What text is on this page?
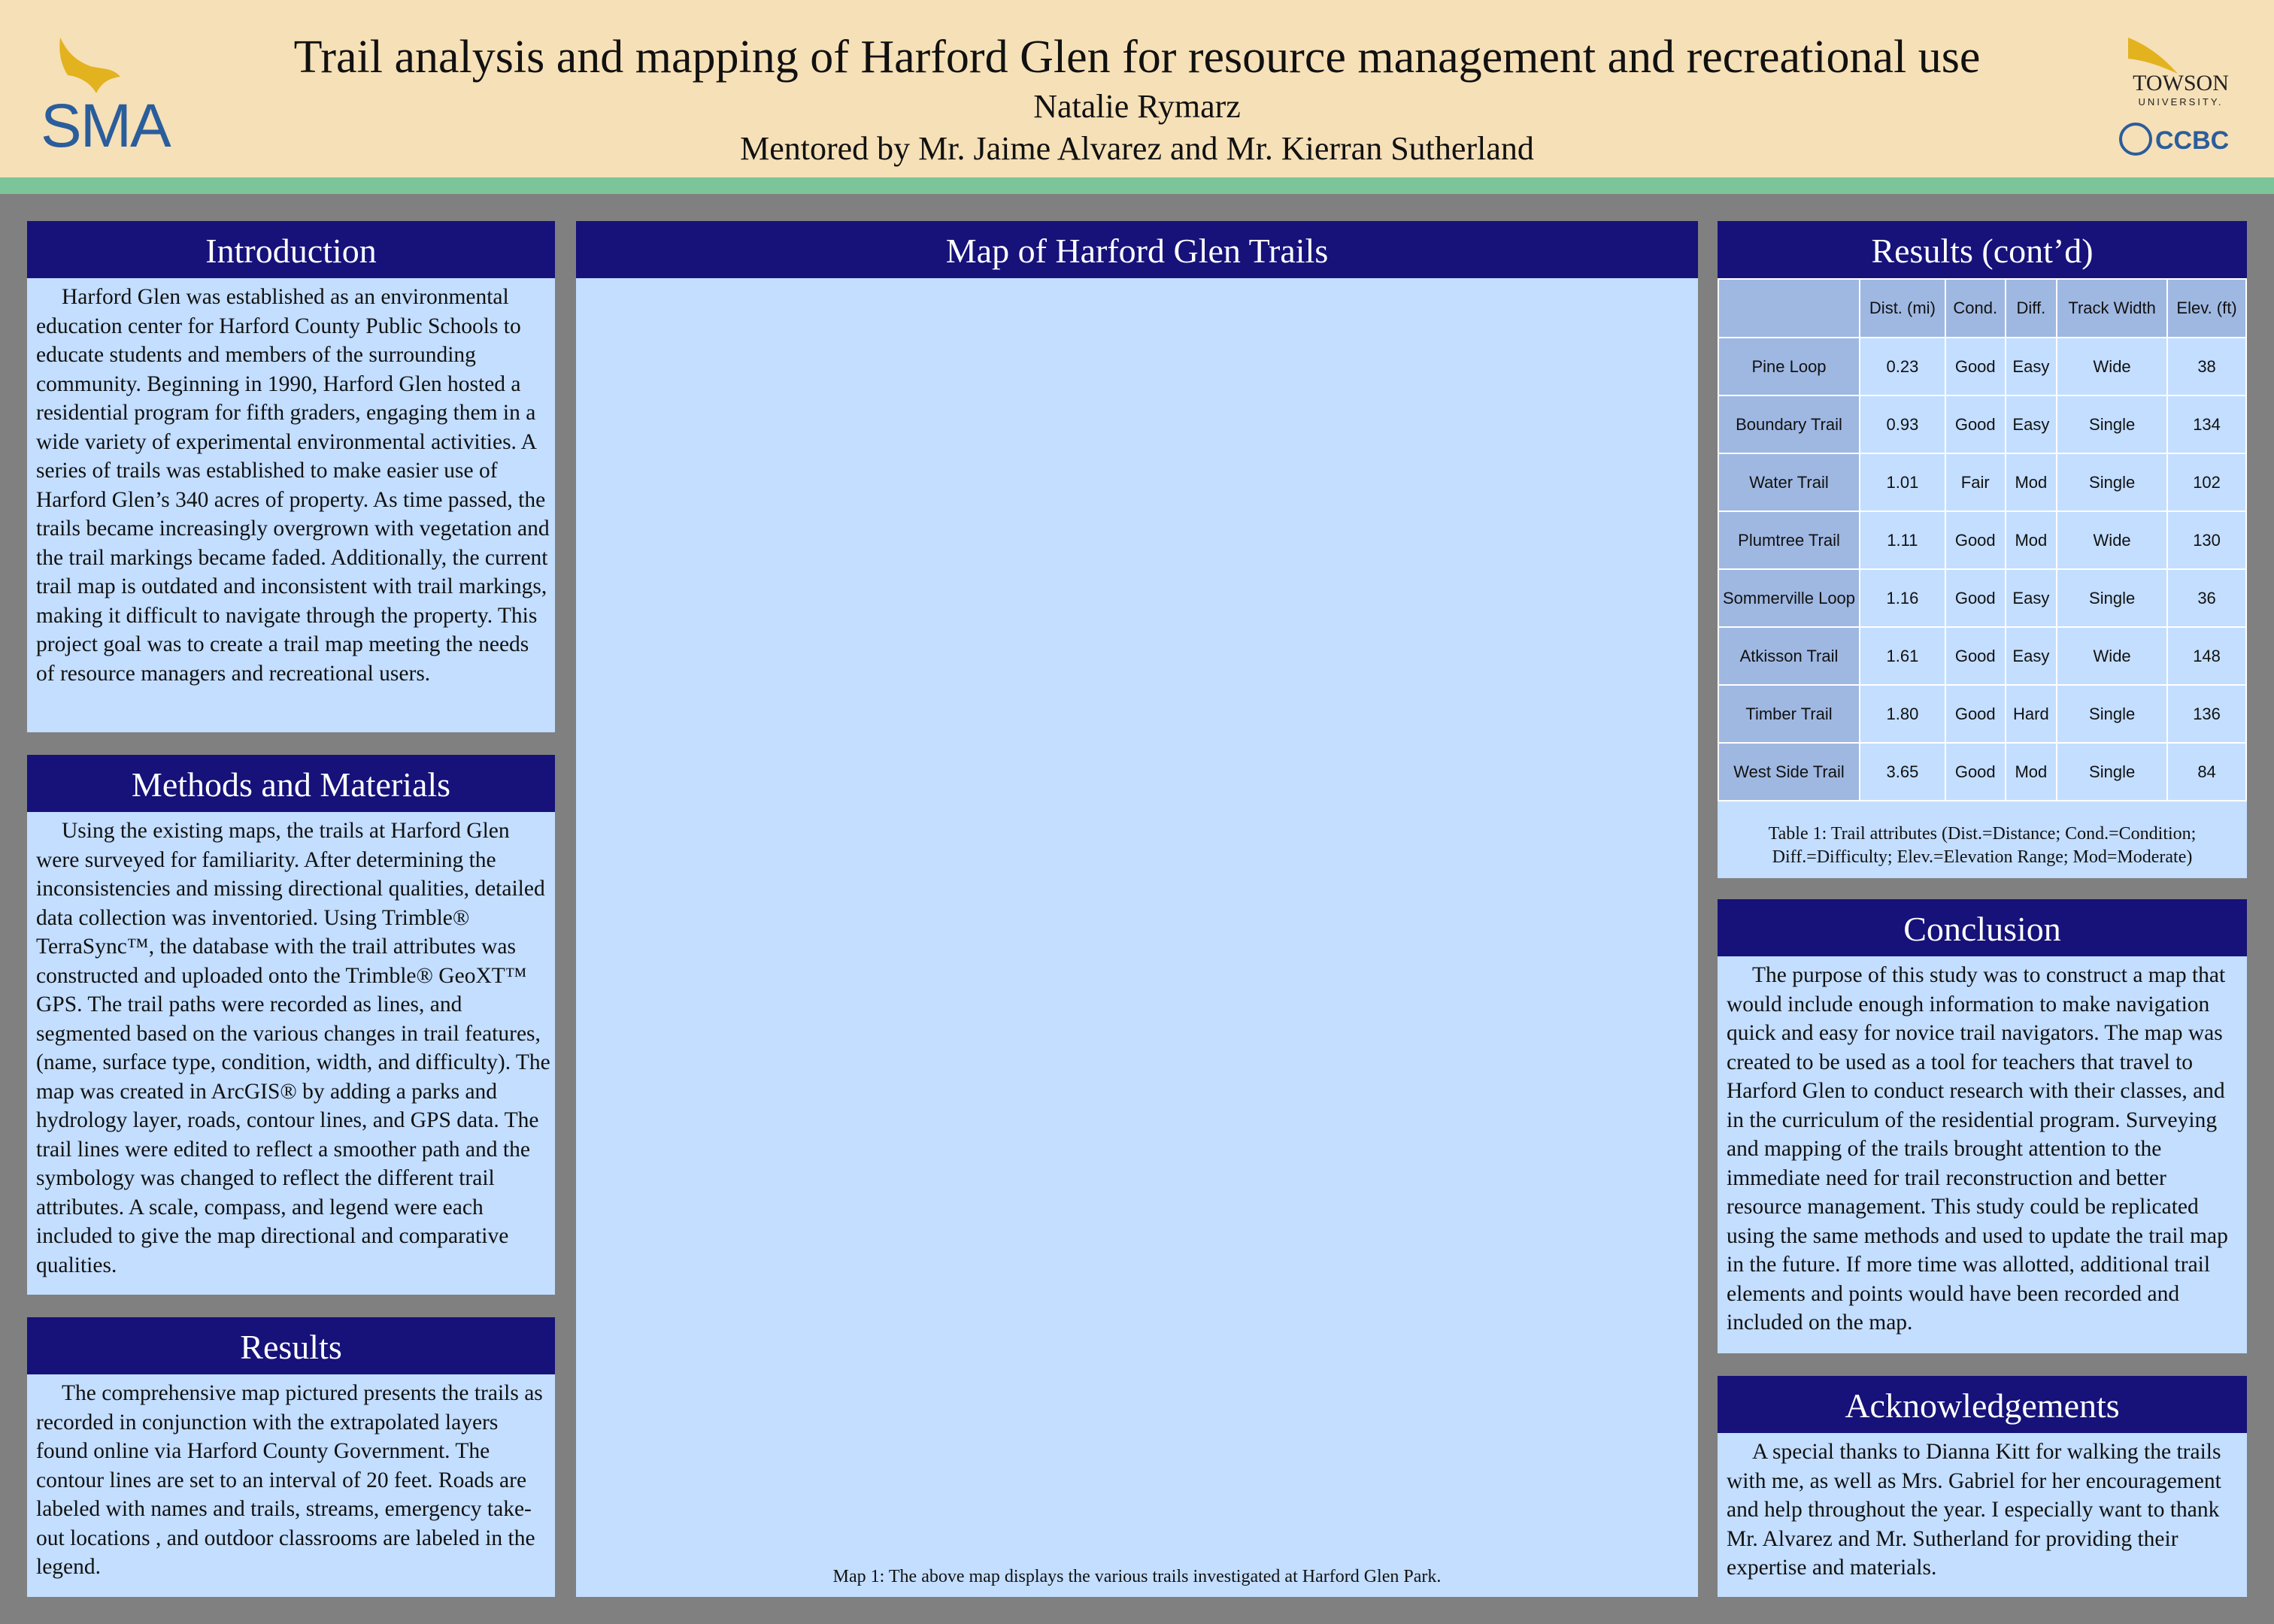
SMA
Trail analysis and mapping of Harford Glen for resource management and recreational use
Natalie Rymarz
Mentored by Mr. Jaime Alvarez and Mr. Kierran Sutherland
TOWSON
UNIVERSITY.
CCBC
Introduction
Harford Glen was established as an environmental education center for Harford County Public Schools to educate students and members of the surrounding community. Beginning in 1990, Harford Glen hosted a residential program for fifth graders, engaging them in a wide variety of experimental environmental activities. A series of trails was established to make easier use of Harford Glen’s 340 acres of property. As time passed, the trails became increasingly overgrown with vegetation and the trail markings became faded. Additionally, the current trail map is outdated and inconsistent with trail markings, making it difficult to navigate through the property. This project goal was to create a trail map meeting the needs of resource managers and recreational users.
Methods and Materials
Using the existing maps, the trails at Harford Glen were surveyed for familiarity. After determining the inconsistencies and missing directional qualities, detailed data collection was inventoried. Using Trimble® TerraSync™, the database with the trail attributes was constructed and uploaded onto the Trimble® GeoXT™ GPS. The trail paths were recorded as lines, and segmented based on the various changes in trail features, (name, surface type, condition, width, and difficulty). The map was created in ArcGIS® by adding a parks and hydrology layer, roads, contour lines, and GPS data. The trail lines were edited to reflect a smoother path and the symbology was changed to reflect the different trail attributes. A scale, compass, and legend were each included to give the map directional and comparative qualities.
Results
The comprehensive map pictured presents the trails as recorded in conjunction with the extrapolated layers found online via Harford County Government. The contour lines are set to an interval of 20 feet. Roads are labeled with names and trails, streams, emergency take-out locations , and outdoor classrooms are labeled in the legend.
Map of Harford Glen Trails
Map 1: The above map displays the various trails investigated at Harford Glen Park.
Results (cont’d)
	Dist. (mi)	Cond.	Diff.	Track Width	Elev. (ft)
Pine Loop	0.23	Good	Easy	Wide	38
Boundary Trail	0.93	Good	Easy	Single	134
Water Trail	1.01	Fair	Mod	Single	102
Plumtree Trail	1.11	Good	Mod	Wide	130
Sommerville Loop	1.16	Good	Easy	Single	36
Atkisson Trail	1.61	Good	Easy	Wide	148
Timber Trail	1.80	Good	Hard	Single	136
West Side Trail	3.65	Good	Mod	Single	84
Table 1: Trail attributes (Dist.=Distance; Cond.=Condition; Diff.=Difficulty; Elev.=Elevation Range; Mod=Moderate)
Conclusion
The purpose of this study was to construct a map that would include enough information to make navigation quick and easy for novice trail navigators. The map was created to be used as a tool for teachers that travel to Harford Glen to conduct research with their classes, and in the curriculum of the residential program. Surveying and mapping of the trails brought attention to the immediate need for trail reconstruction and better resource management. This study could be replicated using the same methods and used to update the trail map in the future. If more time was allotted, additional trail elements and points would have been recorded and included on the map.
Acknowledgements
A special thanks to Dianna Kitt for walking the trails with me, as well as Mrs. Gabriel for her encouragement and help throughout the year. I especially want to thank Mr. Alvarez and Mr. Sutherland for providing their expertise and materials.
